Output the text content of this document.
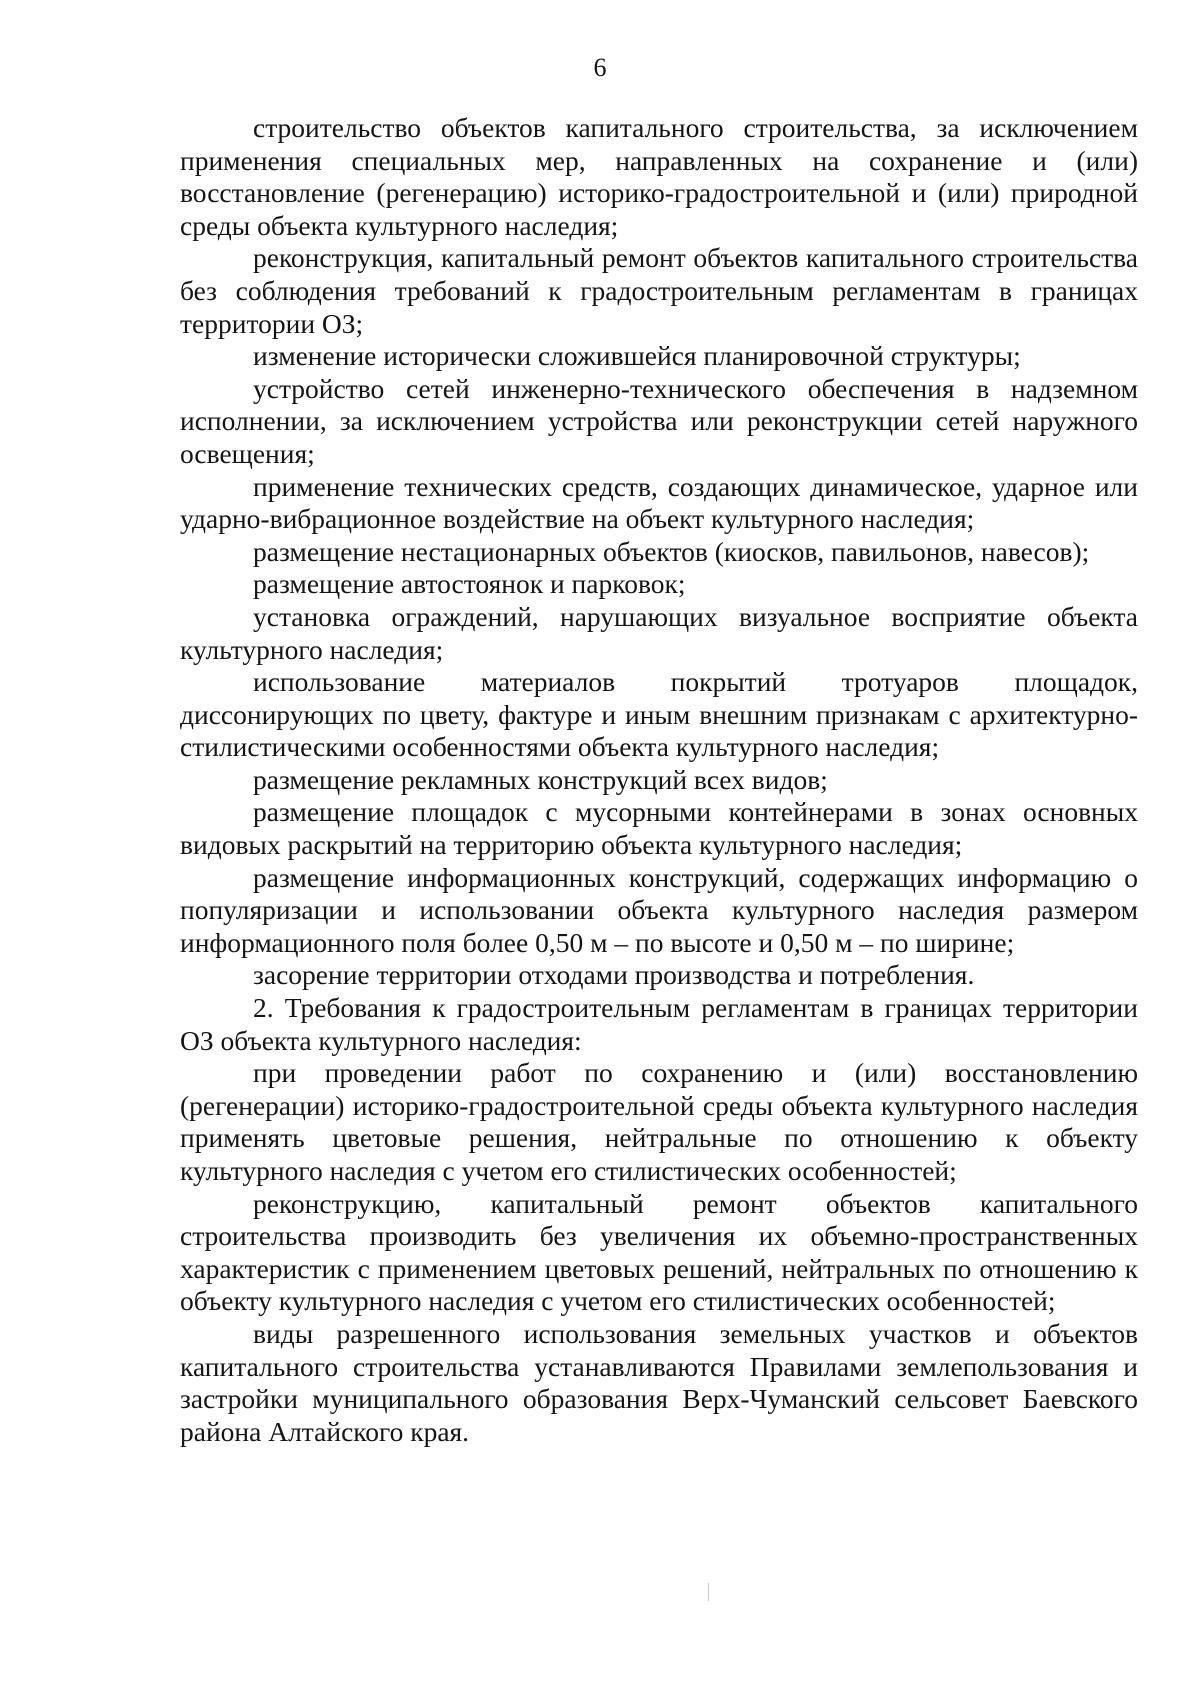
6

строительство объектов капитального строительства, за исключением применения специальных мер, направленных на сохранение и (или) восстановление (регенерацию) историко-градостроительной и (или) природной среды объекта культурного наследия;

реконструкция, капитальный ремонт объектов капитального строительства без соблюдения требований к градостроительным регламентам в границах территории ОЗ;

изменение исторически сложившейся планировочной структуры;

устройство сетей инженерно-технического обеспечения в надземном исполнении, за исключением устройства или реконструкции сетей наружного освещения;

применение технических средств, создающих динамическое, ударное или ударно-вибрационное воздействие на объект культурного наследия;

размещение нестационарных объектов (киосков, павильонов, навесов);

размещение автостоянок и парковок;

установка ограждений, нарушающих визуальное восприятие объекта культурного наследия;

использование материалов покрытий тротуаров площадок, диссонирующих по цвету, фактуре и иным внешним признакам с архитектурно-стилистическими особенностями объекта культурного наследия;

размещение рекламных конструкций всех видов;

размещение площадок с мусорными контейнерами в зонах основных видовых раскрытий на территорию объекта культурного наследия;

размещение информационных конструкций, содержащих информацию о популяризации и использовании объекта культурного наследия размером информационного поля более 0,50 м – по высоте и 0,50 м – по ширине;

засорение территории отходами производства и потребления.

2. Требования к градостроительным регламентам в границах территории ОЗ объекта культурного наследия:

при проведении работ по сохранению и (или) восстановлению (регенерации) историко-градостроительной среды объекта культурного наследия применять цветовые решения, нейтральные по отношению к объекту культурного наследия с учетом его стилистических особенностей;

реконструкцию, капитальный ремонт объектов капитального строительства производить без увеличения их объемно-пространственных характеристик с применением цветовых решений, нейтральных по отношению к объекту культурного наследия с учетом его стилистических особенностей;

виды разрешенного использования земельных участков и объектов капитального строительства устанавливаются Правилами землепользования и застройки муниципального образования Верх-Чуманский сельсовет Баевского района Алтайского края.
